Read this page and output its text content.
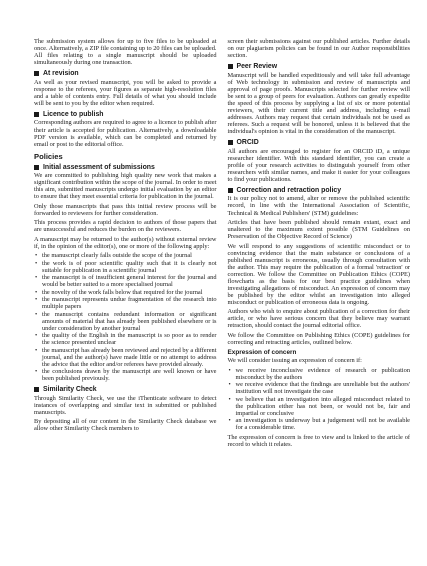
The submission system allows for up to five files to be uploaded at once. Alternatively, a ZIP file containing up to 20 files can be uploaded. All files relating to a single manuscript should be uploaded simultaneously during one transaction.

At revision

As well as your revised manuscript, you will be asked to provide a response to the referees, your figures as separate high-resolution files and a table of contents entry. Full details of what you should include will be sent to you by the editor when required.

Licence to publish

Corresponding authors are required to agree to a licence to publish after their article is accepted for publication. Alternatively, a downloadable PDF version is available, which can be completed and returned by email or post to the editorial office.

Policies
Initial assessment of submissions

We are committed to publishing high quality new work that makes a significant contribution within the scope of the journal. In order to meet this aim, submitted manuscripts undergo initial evaluation by an editor to ensure that they meet essential criteria for publication in the journal.

Only those manuscripts that pass this initial review process will be forwarded to reviewers for further consideration.

This process provides a rapid decision to authors of those papers that are unsuccessful and reduces the burden on the reviewers.

A manuscript may be returned to the author(s) without external review if, in the opinion of the editor(s), one or more of the following apply:

• the manuscript clearly falls outside the scope of the journal
• the work is of poor scientific quality such that it is clearly not suitable for publication in a scientific journal
• the manuscript is of insufficient general interest for the journal and would be better suited to a more specialised journal
• the novelty of the work falls below that required for the journal
• the manuscript represents undue fragmentation of the research into multiple papers
• the manuscript contains redundant information or significant amounts of material that has already been published elsewhere or is under consideration by another journal
• the quality of the English in the manuscript is so poor as to render the science presented unclear
• the manuscript has already been reviewed and rejected by a different journal, and the author(s) have made little or no attempt to address the advice that the editor and/or referees have provided already.
• the conclusions drawn by the manuscript are well known or have been published previously.
Similarity Check

Through Similarity Check, we use the iThenticate software to detect instances of overlapping and similar text in submitted or published manuscripts.

By depositing all of our content in the Similarity Check database we allow other Similarity Check members to

screen their submissions against our published articles. Further details on our plagiarism policies can be found in our Author responsibilities section.

Peer Review

Manuscript will be handled expeditiously and will take full advantage of Web technology in submission and review of manuscripts and approval of page proofs. Manuscripts selected for further review will be sent to a group of peers for evaluation. Authors can greatly expedite the speed of this process by supplying a list of six or more potential reviewers, with their current title and address, including e-mail addresses. Authors may request that certain individuals not be used as referees. Such a request will be honored, unless it is believed that the individual's opinion is vital in the consideration of the manuscript.

ORCID

All authors are encouraged to register for an ORCID iD, a unique researcher identifier. With this standard identifier, you can create a profile of your research activities to distinguish yourself from other researchers with similar names, and make it easier for your colleagues to find your publications.

Correction and retraction policy

It is our policy not to amend, alter or remove the published scientific record, in line with the International Association of Scientific, Technical & Medical Publishers' (STM) guidelines:

Articles that have been published should remain extant, exact and unaltered to the maximum extent possible (STM Guidelines on Preservation of the Objective Record of Science)

We will respond to any suggestions of scientific misconduct or to convincing evidence that the main substance or conclusions of a published manuscript is erroneous, usually through consultation with the author. This may require the publication of a formal 'retraction' or correction. We follow the Committee on Publication Ethics (COPE) flowcharts as the basis for our best practice guidelines when investigating allegations of misconduct. An expression of concern may be published by the editor whilst an investigation into alleged misconduct or publication of erroneous data is ongoing.

Authors who wish to enquire about publication of a correction for their article, or who have serious concern that they believe may warrant retraction, should contact the journal editorial office.

We follow the Committee on Publishing Ethics (COPE) guidelines for correcting and retracting articles, outlined below.

Expression of concern

We will consider issuing an expression of concern if:

• we receive inconclusive evidence of research or publication misconduct by the authors
• we receive evidence that the findings are unreliable but the authors' institution will not investigate the case
• we believe that an investigation into alleged misconduct related to the publication either has not been, or would not be, fair and impartial or conclusive
• an investigation is underway but a judgement will not be available for a considerable time.

The expression of concern is free to view and is linked to the article of record to which it relates.
